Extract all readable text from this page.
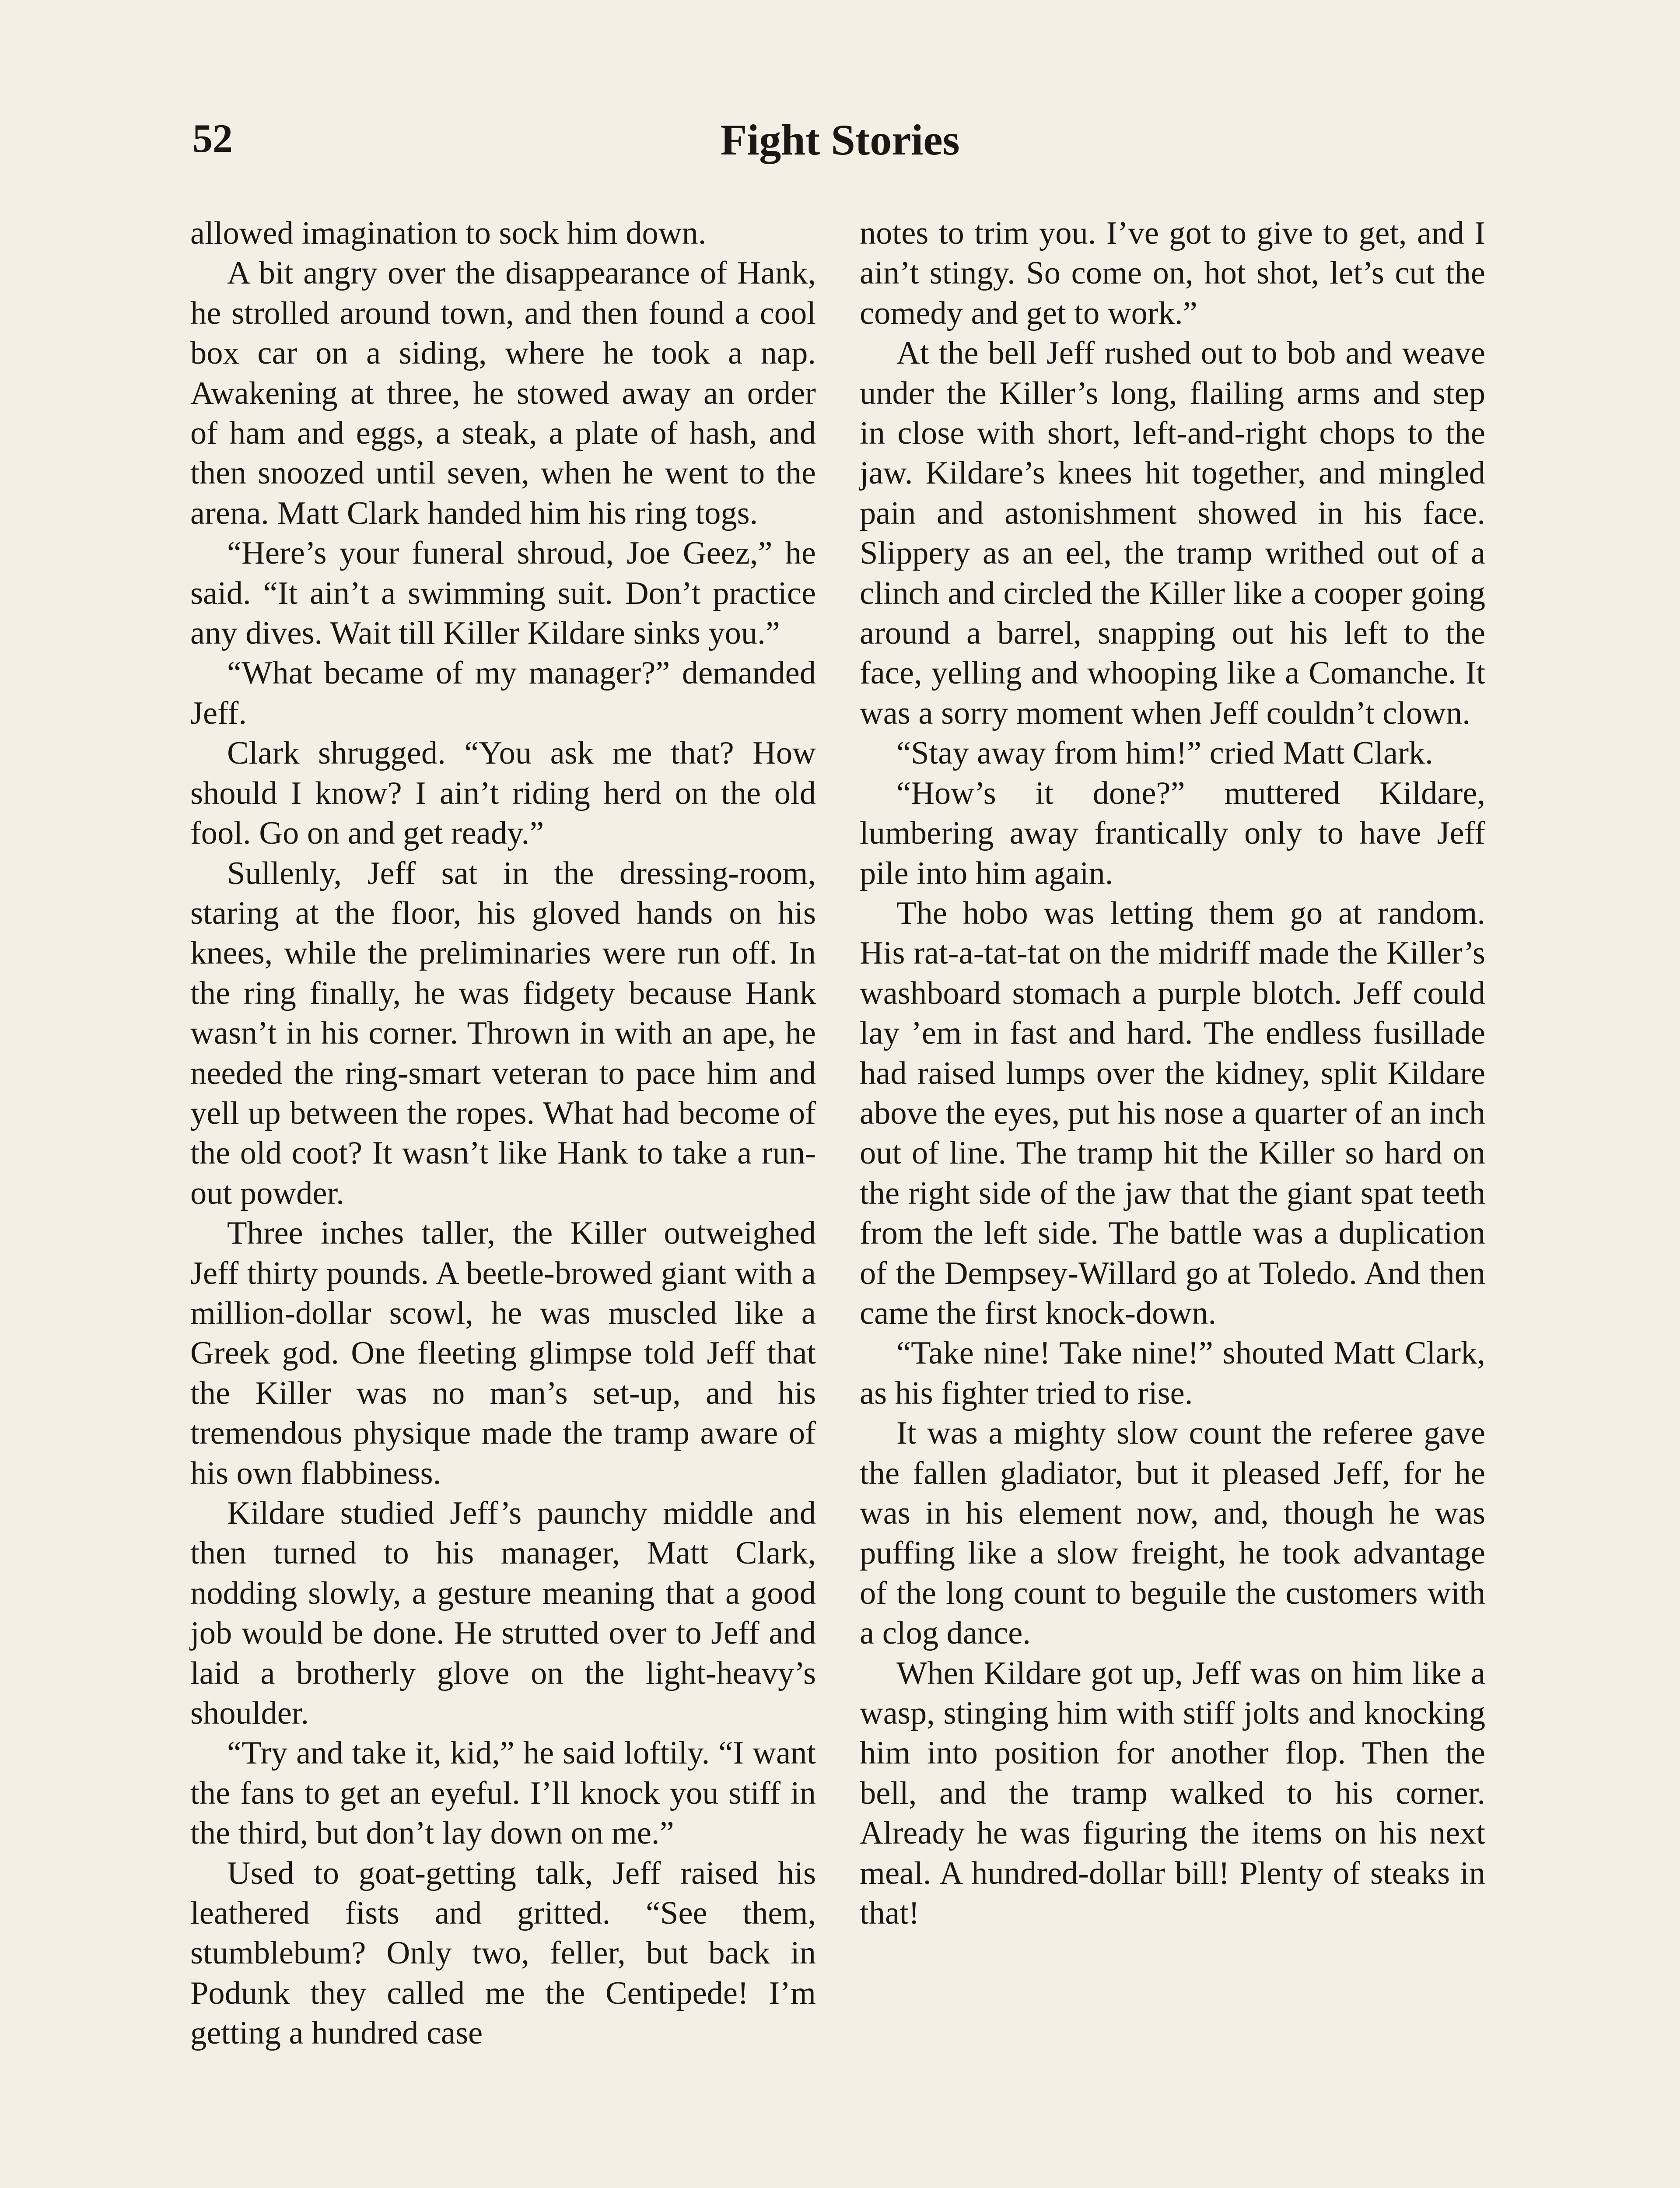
52	Fight Stories

allowed imagination to sock him down.

A bit angry over the disappearance of Hank, he strolled around town, and then found a cool box car on a siding, where he took a nap. Awakening at three, he stowed away an order of ham and eggs, a steak, a plate of hash, and then snoozed until seven, when he went to the arena. Matt Clark handed him his ring togs.

“Here’s your funeral shroud, Joe Geez,” he said. “It ain’t a swimming suit. Don’t practice any dives. Wait till Killer Kildare sinks you.”

“What became of my manager?” demanded Jeff.

Clark shrugged. “You ask me that? How should I know? I ain’t riding herd on the old fool. Go on and get ready.”

Sullenly, Jeff sat in the dressing-room, staring at the floor, his gloved hands on his knees, while the preliminaries were run off. In the ring finally, he was fidgety because Hank wasn’t in his corner. Thrown in with an ape, he needed the ring-smart veteran to pace him and yell up between the ropes. What had become of the old coot? It wasn’t like Hank to take a run-out powder.

Three inches taller, the Killer outweighed Jeff thirty pounds. A beetle-browed giant with a million-dollar scowl, he was muscled like a Greek god. One fleeting glimpse told Jeff that the Killer was no man’s set-up, and his tremendous physique made the tramp aware of his own flabbiness.

Kildare studied Jeff’s paunchy middle and then turned to his manager, Matt Clark, nodding slowly, a gesture meaning that a good job would be done. He strutted over to Jeff and laid a brotherly glove on the light-heavy’s shoulder.

“Try and take it, kid,” he said loftily. “I want the fans to get an eyeful. I’ll knock you stiff in the third, but don’t lay down on me.”

Used to goat-getting talk, Jeff raised his leathered fists and gritted. “See them, stumblebum? Only two, feller, but back in Podunk they called me the Centipede! I’m getting a hundred case

notes to trim you. I’ve got to give to get, and I ain’t stingy. So come on, hot shot, let’s cut the comedy and get to work.”

At the bell Jeff rushed out to bob and weave under the Killer’s long, flailing arms and step in close with short, left-and-right chops to the jaw. Kildare’s knees hit together, and mingled pain and astonishment showed in his face. Slippery as an eel, the tramp writhed out of a clinch and circled the Killer like a cooper going around a barrel, snapping out his left to the face, yelling and whooping like a Comanche. It was a sorry moment when Jeff couldn’t clown.

“Stay away from him!” cried Matt Clark.

“How’s it done?” muttered Kildare, lumbering away frantically only to have Jeff pile into him again.

The hobo was letting them go at random. His rat-a-tat-tat on the midriff made the Killer’s washboard stomach a purple blotch. Jeff could lay ’em in fast and hard. The endless fusillade had raised lumps over the kidney, split Kildare above the eyes, put his nose a quarter of an inch out of line. The tramp hit the Killer so hard on the right side of the jaw that the giant spat teeth from the left side. The battle was a duplication of the Dempsey-Willard go at Toledo. And then came the first knock-down.

“Take nine! Take nine!” shouted Matt Clark, as his fighter tried to rise.

It was a mighty slow count the referee gave the fallen gladiator, but it pleased Jeff, for he was in his element now, and, though he was puffing like a slow freight, he took advantage of the long count to beguile the customers with a clog dance.

When Kildare got up, Jeff was on him like a wasp, stinging him with stiff jolts and knocking him into position for another flop. Then the bell, and the tramp walked to his corner. Already he was figuring the items on his next meal. A hundred-dollar bill! Plenty of steaks in that!
